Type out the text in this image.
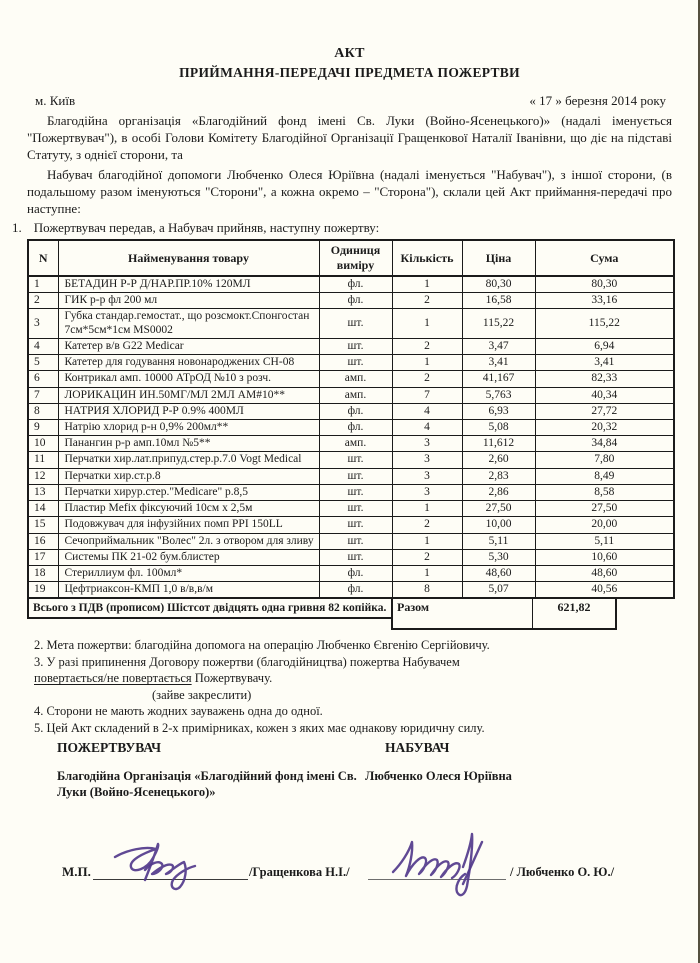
АКТ
ПРИЙМАННЯ-ПЕРЕДАЧІ ПРЕДМЕТА ПОЖЕРТВИ
м. Київ	« 17 » березня 2014 року
Благодійна організація «Благодійний фонд імені Св. Луки (Войно-Ясенецького)» (надалі іменується "Пожертвувач"), в особі Голови Комітету Благодійної Організації Гращенкової Наталії Іванівни, що діє на підставі Статуту, з однієї сторони, та
Набувач благодійної допомоги Любченко Олеся Юріївна (надалі іменується "Набувач"), з іншої сторони, (в подальшому разом іменуються "Сторони", а кожна окремо – "Сторона"), склали цей Акт приймання-передачі про наступне:
1. Пожертвувач передав, а Набувач прийняв, наступну пожертву:
N	Найменування товару	Одиниця виміру	Кількість	Ціна	Сума
1	БЕТАДИН Р-Р Д/НАР.ПР.10% 120МЛ	фл.	1	80,30	80,30
2	ГИК р-р фл 200 мл	фл.	2	16,58	33,16
3	Губка стандар.гемостат., що розсмокт.Спонгостан 7см*5см*1см MS0002	шт.	1	115,22	115,22
4	Катетер в/в G22 Medicar	шт.	2	3,47	6,94
5	Катетер для годування новонароджених СН-08	шт.	1	3,41	3,41
6	Контрикал амп. 10000 АТрОД №10 з розч.	амп.	2	41,167	82,33
7	ЛОРИКАЦИН ИН.50МГ/МЛ 2МЛ АМ#10**	амп.	7	5,763	40,34
8	НАТРИЯ ХЛОРИД Р-Р 0.9% 400МЛ	фл.	4	6,93	27,72
9	Натрію хлорид р-н 0,9% 200мл**	фл.	4	5,08	20,32
10	Панангин р-р амп.10мл №5**	амп.	3	11,612	34,84
11	Перчатки хир.лат.припуд.стер.р.7.0 Vogt Medical	шт.	3	2,60	7,80
12	Перчатки хир.ст.р.8	шт.	3	2,83	8,49
13	Перчатки хирур.стер."Medicare" р.8,5	шт.	3	2,86	8,58
14	Пластир Mefix фіксуючий 10см х 2,5м	шт.	1	27,50	27,50
15	Подовжувач для інфузійних помп PPI 150LL	шт.	2	10,00	20,00
16	Сечоприймальник "Волес" 2л. з отвором для зливу	шт.	1	5,11	5,11
17	Системы ПК 21-02 бум.блистер	шт.	2	5,30	10,60
18	Стериллиум фл. 100мл*	фл.	1	48,60	48,60
19	Цефтриаксон-КМП 1,0 в/в,в/м	фл.	8	5,07	40,56
Всього з ПДВ (прописом) Шістсот двідцять одна гривня 82 копійка. Разом	621,82
2. Мета пожертви: благодійна допомога на операцію Любченко Євгенію Сергійовичу.
3. У разі припинення Договору пожертви (благодійництва) пожертва Набувачем
повертається/не повертається Пожертвувачу.
(зайве закреслити)
4. Сторони не мають жодних зауважень одна до одної.
5. Цей Акт складений в 2-х примірниках, кожен з яких має однакову юридичну силу.
ПОЖЕРТВУВАЧ	НАБУВАЧ
Благодійна Організація «Благодійний фонд імені Св. Луки (Войно-Ясенецького)»
Любченко Олеся Юріївна
М.П.	/Гращенкова Н.І./	/ Любченко О. Ю./
